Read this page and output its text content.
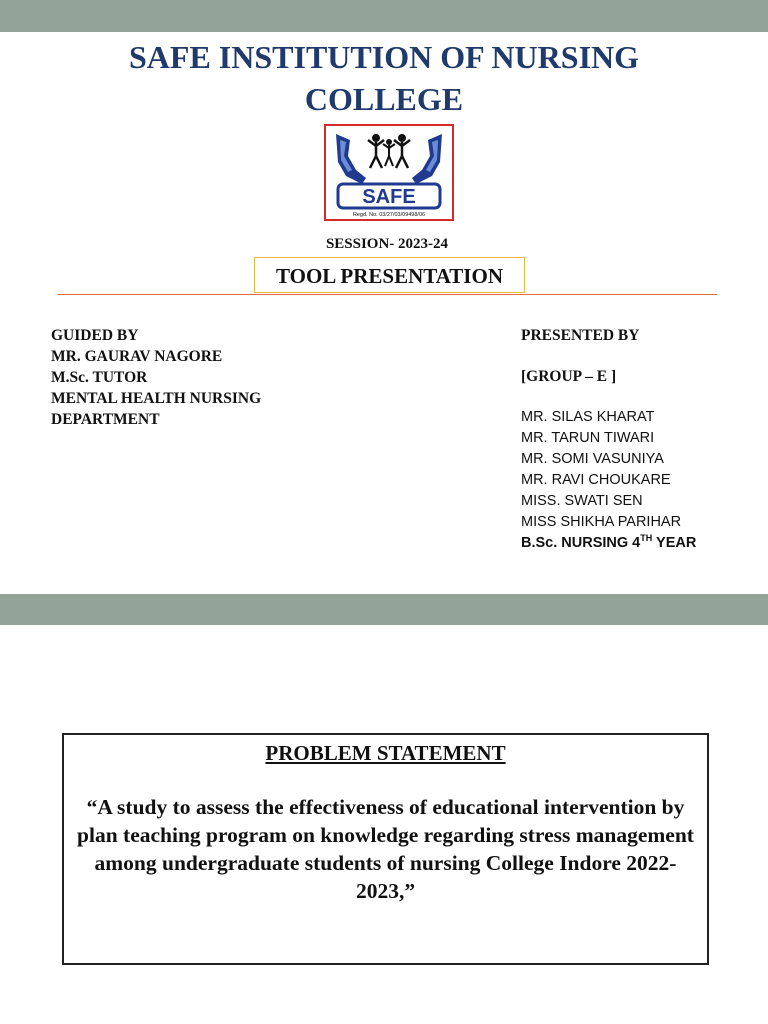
SAFE INSTITUTION OF NURSING
COLLEGE
SAFE
Regd. No. 03/27/03/09498/06
SESSION- 2023-24
TOOL PRESENTATION
GUIDED BY
MR. GAURAV NAGORE
M.Sc. TUTOR
MENTAL HEALTH NURSING
DEPARTMENT
PRESENTED BY
[GROUP – E ]
MR. SILAS KHARAT
MR. TARUN TIWARI
MR. SOMI VASUNIYA
MR. RAVI CHOUKARE
MISS. SWATI SEN
MISS SHIKHA PARIHAR
B.Sc. NURSING 4TH YEAR
PROBLEM STATEMENT
“A study to assess the effectiveness of educational intervention by plan teaching program on knowledge regarding stress management among undergraduate students of nursing College Indore 2022-2023,”
